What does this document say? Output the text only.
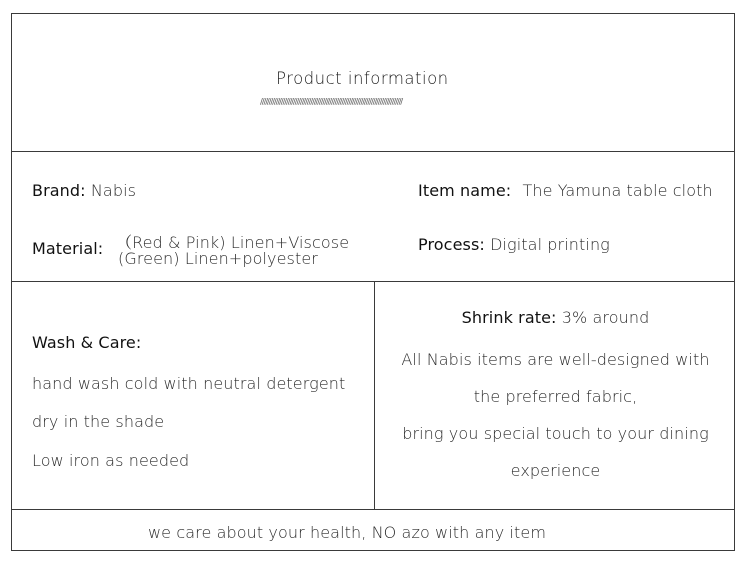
Product information
//////////////////////////////////////////////////////////////////////////////////
Brand: Nabis	Item name: The Yamuna table cloth
Material: （Red & Pink) Linen+Viscose
(Green) Linen+polyester
Process: Digital printing
Wash & Care:
hand wash cold with neutral detergent
dry in the shade
Low iron as needed
Shrink rate: 3% around
All Nabis items are well-designed with
the preferred fabric,
bring you special touch to your dining
experience
we care about your health, NO azo with any item
